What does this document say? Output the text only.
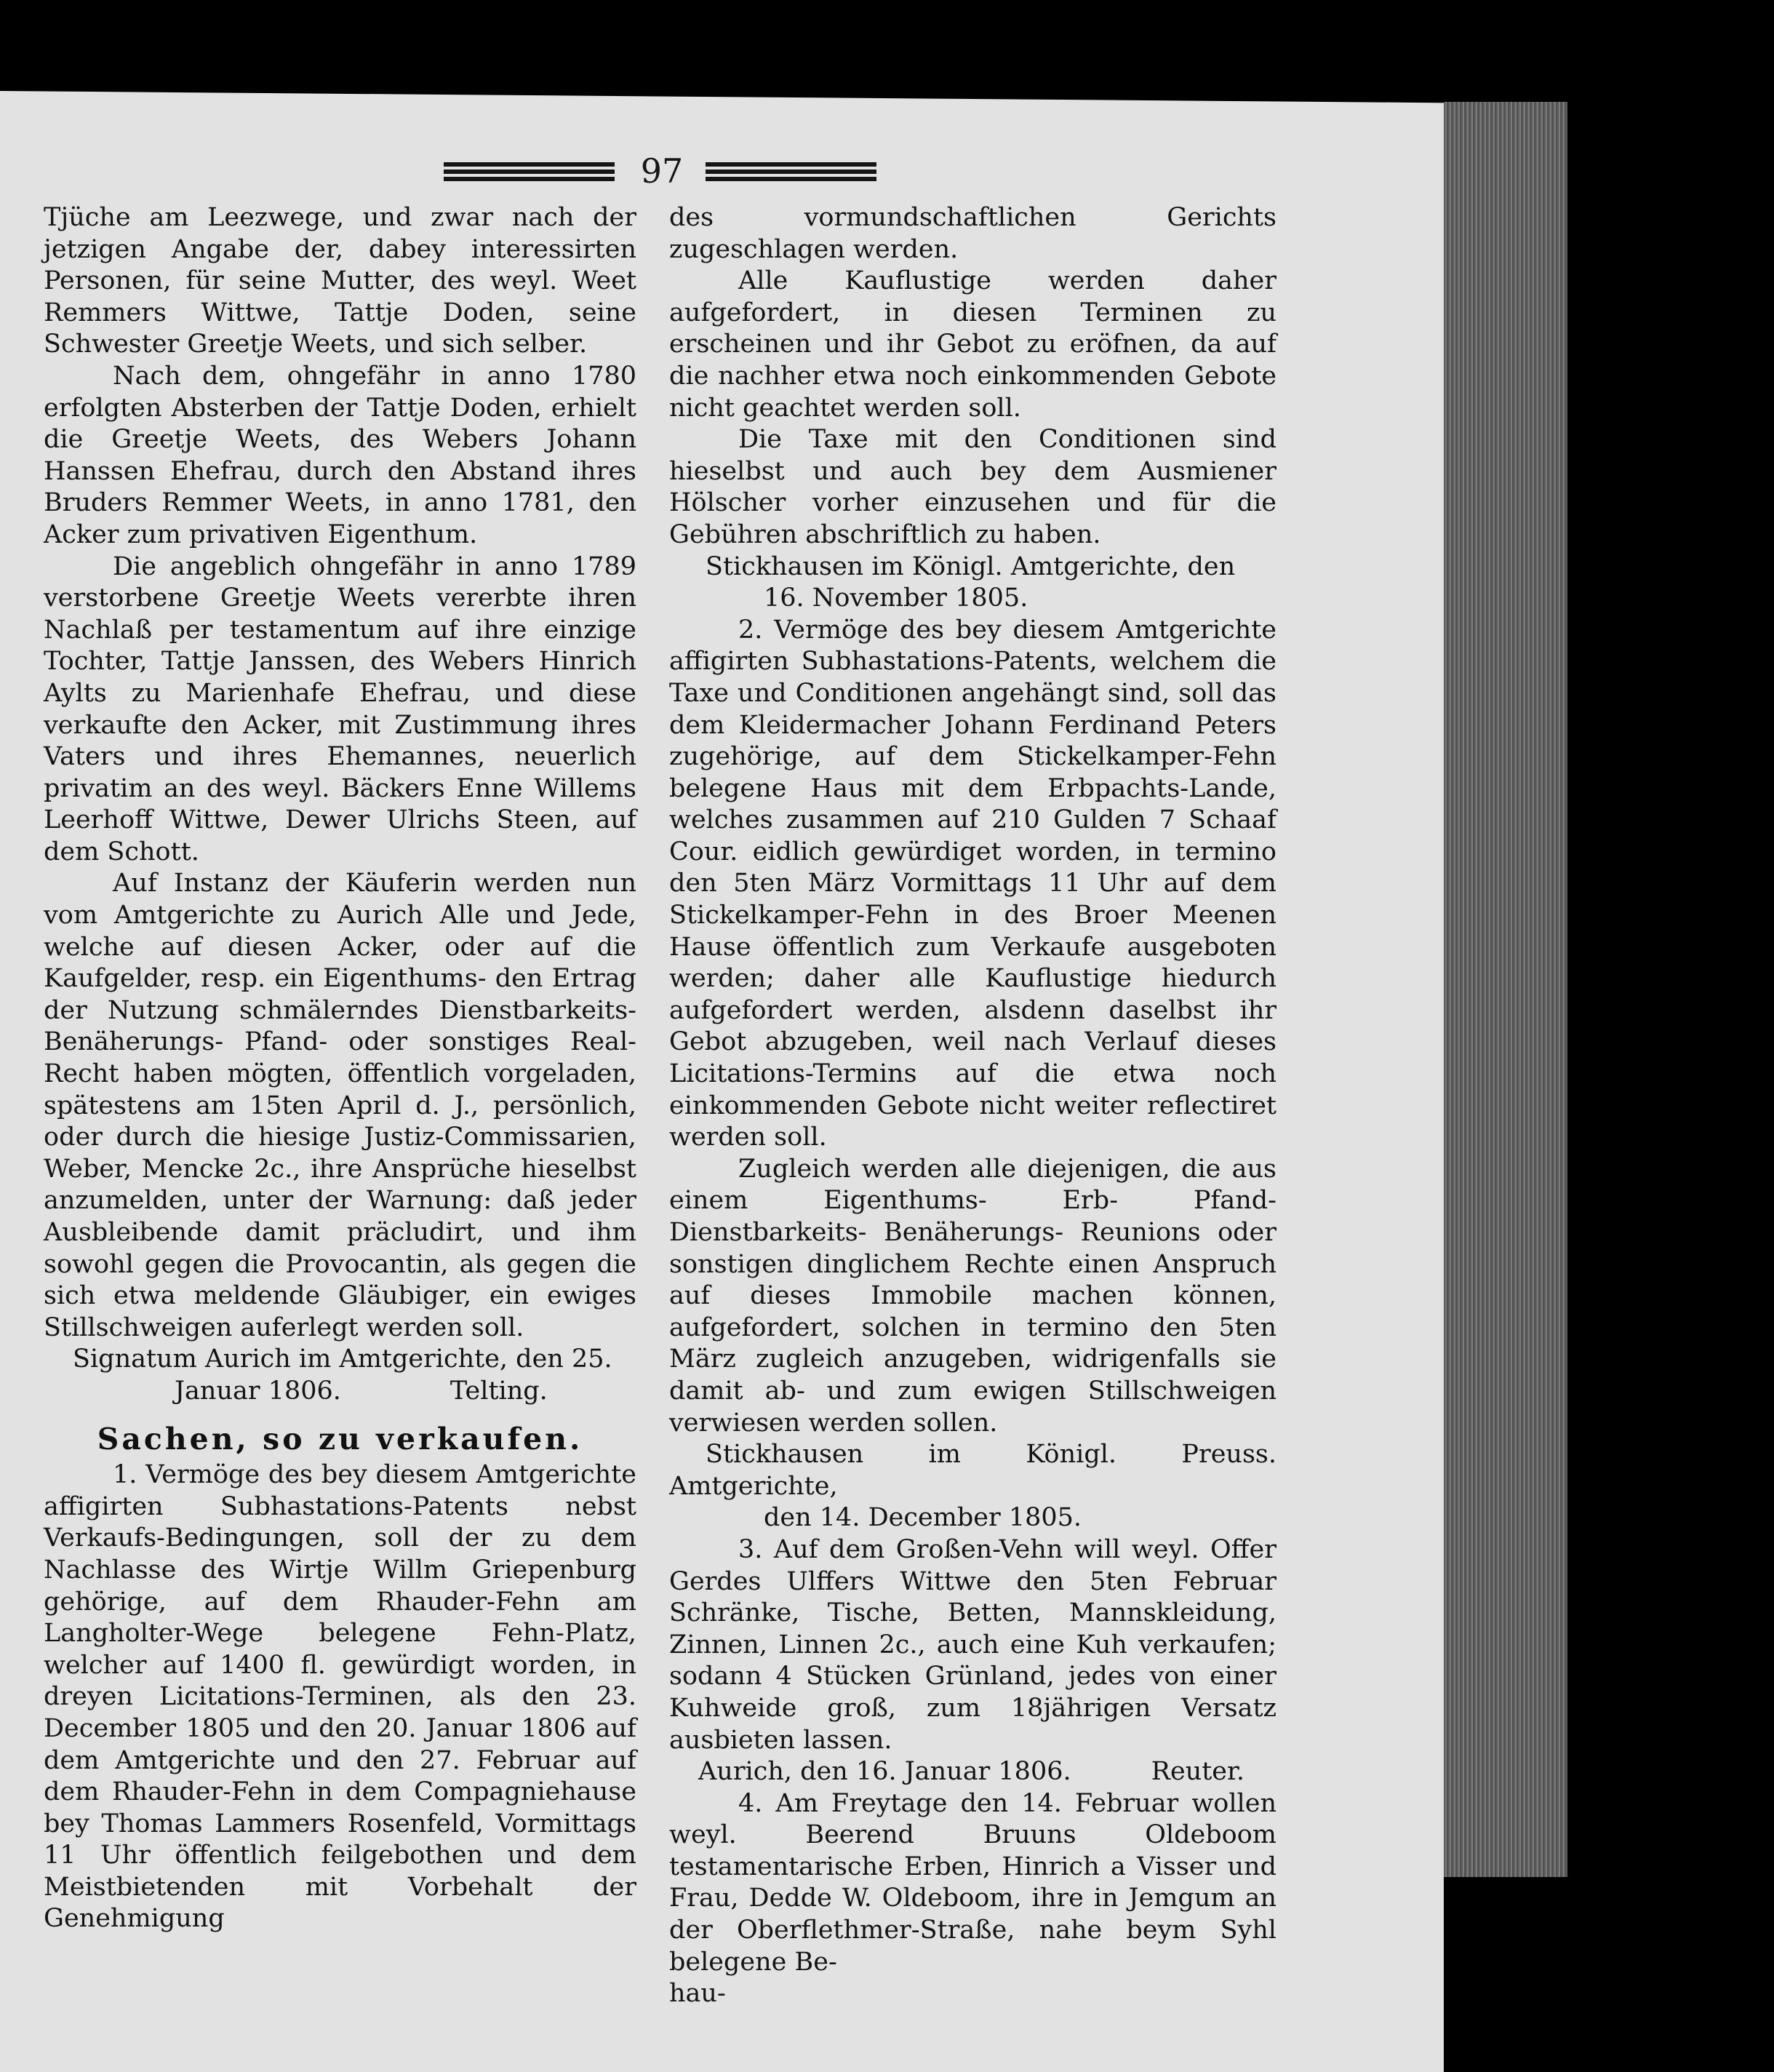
97

Tjüche am Leezwege, und zwar nach der jetzigen Angabe der, dabey interessirten Personen, für seine Mutter, des weyl. Weet Remmers Wittwe, Tattje Doden, seine Schwester Greetje Weets, und sich selber.

Nach dem, ohngefähr in anno 1780 erfolgten Absterben der Tattje Doden, erhielt die Greetje Weets, des Webers Johann Hanssen Ehefrau, durch den Abstand ihres Bruders Remmer Weets, in anno 1781, den Acker zum privativen Eigenthum.

Die angeblich ohngefähr in anno 1789 verstorbene Greetje Weets vererbte ihren Nachlaß per testamentum auf ihre einzige Tochter, Tattje Janssen, des Webers Hinrich Aylts zu Marienhafe Ehefrau, und diese verkaufte den Acker, mit Zustimmung ihres Vaters und ihres Ehemannes, neuerlich privatim an des weyl. Bäckers Enne Willems Leerhoff Wittwe, Dewer Ulrichs Steen, auf dem Schott.

Auf Instanz der Käuferin werden nun vom Amtgerichte zu Aurich Alle und Jede, welche auf diesen Acker, oder auf die Kaufgelder, resp. ein Eigenthums- den Ertrag der Nutzung schmälerndes Dienstbarkeits- Benäherungs- Pfand- oder sonstiges Real-Recht haben mögten, öffentlich vorgeladen, spätestens am 15ten April d. J., persönlich, oder durch die hiesige Justiz-Commissarien, Weber, Mencke 2c., ihre Ansprüche hieselbst anzumelden, unter der Warnung: daß jeder Ausbleibende damit präcludirt, und ihm sowohl gegen die Provocantin, als gegen die sich etwa meldende Gläubiger, ein ewiges Stillschweigen auferlegt werden soll.

Signatum Aurich im Amtgerichte, den 25.

Januar 1806.	Telting.

Sachen, so zu verkaufen.

1. Vermöge des bey diesem Amtgerichte affigirten Subhastations-Patents nebst Verkaufs-Bedingungen, soll der zu dem Nachlasse des Wirtje Willm Griepenburg gehörige, auf dem Rhauder-Fehn am Langholter-Wege belegene Fehn-Platz, welcher auf 1400 fl. gewürdigt worden, in dreyen Licitations-Terminen, als den 23. December 1805 und den 20. Januar 1806 auf dem Amtgerichte und den 27. Februar auf dem Rhauder-Fehn in dem Compagniehause bey Thomas Lammers Rosenfeld, Vormittags 11 Uhr öffentlich feilgebothen und dem Meistbietenden mit Vorbehalt der Genehmigung

des vormundschaftlichen Gerichts zugeschlagen werden.

Alle Kauflustige werden daher aufgefordert, in diesen Terminen zu erscheinen und ihr Gebot zu eröfnen, da auf die nachher etwa noch einkommenden Gebote nicht geachtet werden soll.

Die Taxe mit den Conditionen sind hieselbst und auch bey dem Ausmiener Hölscher vorher einzusehen und für die Gebühren abschriftlich zu haben.

Stickhausen im Königl. Amtgerichte, den

16. November 1805.

2. Vermöge des bey diesem Amtgerichte affigirten Subhastations-Patents, welchem die Taxe und Conditionen angehängt sind, soll das dem Kleidermacher Johann Ferdinand Peters zugehörige, auf dem Stickelkamper-Fehn belegene Haus mit dem Erbpachts-Lande, welches zusammen auf 210 Gulden 7 Schaaf Cour. eidlich gewürdiget worden, in termino den 5ten März Vormittags 11 Uhr auf dem Stickelkamper-Fehn in des Broer Meenen Hause öffentlich zum Verkaufe ausgeboten werden; daher alle Kauflustige hiedurch aufgefordert werden, alsdenn daselbst ihr Gebot abzugeben, weil nach Verlauf dieses Licitations-Termins auf die etwa noch einkommenden Gebote nicht weiter reflectiret werden soll.

Zugleich werden alle diejenigen, die aus einem Eigenthums- Erb- Pfand- Dienstbarkeits- Benäherungs- Reunions oder sonstigen dinglichem Rechte einen Anspruch auf dieses Immobile machen können, aufgefordert, solchen in termino den 5ten März zugleich anzugeben, widrigenfalls sie damit ab- und zum ewigen Stillschweigen verwiesen werden sollen.

Stickhausen im Königl. Preuss. Amtgerichte,

den 14. December 1805.

3. Auf dem Großen-Vehn will weyl. Offer Gerdes Ulffers Wittwe den 5ten Februar Schränke, Tische, Betten, Mannskleidung, Zinnen, Linnen 2c., auch eine Kuh verkaufen; sodann 4 Stücken Grünland, jedes von einer Kuhweide groß, zum 18jährigen Versatz ausbieten lassen.

Aurich, den 16. Januar 1806.	Reuter.

4. Am Freytage den 14. Februar wollen weyl. Beerend Bruuns Oldeboom testamentarische Erben, Hinrich a Visser und Frau, Dedde W. Oldeboom, ihre in Jemgum an der Oberflethmer-Straße, nahe beym Syhl belegene Be-

hau-
